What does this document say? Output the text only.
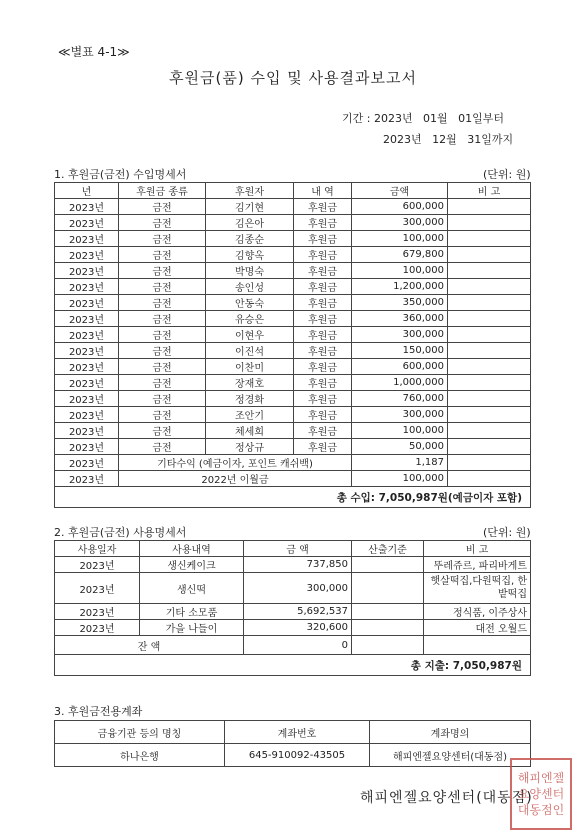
≪별표 4-1≫
후원금(품) 수입 및 사용결과보고서
기간 : 2023년   01월   01일부터
2023년   12월   31일까지
1. 후원금(금전) 수입명세서	(단위: 원)
년	후원금 종류	후원자	내 역	금액	비 고
2023년	금전	김기현	후원금	600,000	
2023년	금전	김은아	후원금	300,000	
2023년	금전	김종순	후원금	100,000	
2023년	금전	김향옥	후원금	679,800	
2023년	금전	박명숙	후원금	100,000	
2023년	금전	송인성	후원금	1,200,000	
2023년	금전	안동숙	후원금	350,000	
2023년	금전	유승은	후원금	360,000	
2023년	금전	이현우	후원금	300,000	
2023년	금전	이진석	후원금	150,000	
2023년	금전	이찬미	후원금	600,000	
2023년	금전	장재호	후원금	1,000,000	
2023년	금전	정경화	후원금	760,000	
2023년	금전	조안기	후원금	300,000	
2023년	금전	체세희	후원금	100,000	
2023년	금전	정상규	후원금	50,000	
2023년	기타수익 (예금이자, 포인트 캐쉬백)			1,187	
2023년	2022년 이월금			100,000	
총 수입: 7,050,987원(예금이자 포함)					
2. 후원금(금전) 사용명세서	(단위: 원)
사용일자	사용내역	금 액	산출기준	비 고
2023년	생신케이크	737,850		뚜레쥬르, 파리바게트
2023년	생신떡	300,000		햇살떡집,다원떡집, 한밭떡집
2023년	기타 소모품	5,692,537		정식품, 이주상사
2023년	가을 나들이	320,600		대전 오월드
잔 액		0		
총 지출: 7,050,987원				
3. 후원금전용계좌
금융기관 등의 명칭	계좌번호	계좌명의
하나은행	645-910092-43505	해피엔젤요양센터(대동점)
해피엔젤요양센터(대동점)
해피엔젤
요양센터
대동점인
